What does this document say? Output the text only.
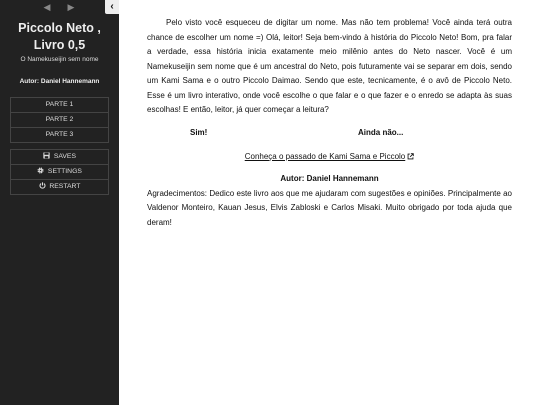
◀	▶	‹
Piccolo Neto ,
Livro 0,5
O Namekuseijin sem nome
Autor: Daniel Hannemann
PARTE 1
PARTE 2
PARTE 3
SAVES
SETTINGS
RESTART

Pelo visto você esqueceu de digitar um nome. Mas não tem problema! Você ainda terá outra chance de escolher um nome =) Olá, leitor! Seja bem-vindo à história do Piccolo Neto! Bom, pra falar a verdade, essa história inicia exatamente meio milênio antes do Neto nascer. Você é um Namekuseijin sem nome que é um ancestral do Neto, pois futuramente vai se separar em dois, sendo um Kami Sama e o outro Piccolo Daimao. Sendo que este, tecnicamente, é o avô de Piccolo Neto. Esse é um livro interativo, onde você escolhe o que falar e o que fazer e o enredo se adapta às suas escolhas! E então, leitor, já quer começar a leitura?

Sim!	Ainda não...
Conheça o passado de Kami Sama e Piccolo
Autor: Daniel Hannemann

Agradecimentos: Dedico este livro aos que me ajudaram com sugestões e opiniões. Principalmente ao Valdenor Monteiro, Kauan Jesus, Elvis Zabloski e Carlos Misaki. Muito obrigado por toda ajuda que deram!
